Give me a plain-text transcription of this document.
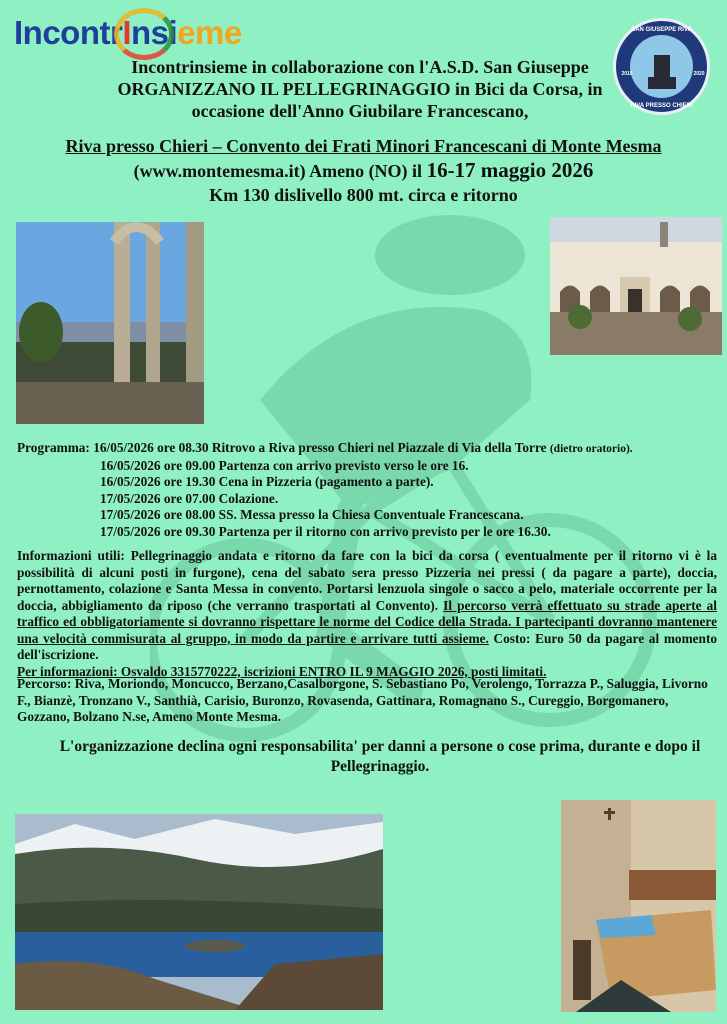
IncontrInsieme	SAN GIUSEPPE RIVA
2015	2020
RIVA PRESSO CHIERI
Incontrinsieme in collaborazione con l'A.S.D. San Giuseppe
ORGANIZZANO IL PELLEGRINAGGIO in Bici da Corsa, in
occasione dell'Anno Giubilare Francescano,
Riva presso Chieri – Convento dei Frati Minori Francescani di Monte Mesma
(www.montemesma.it) Ameno (NO) il 16-17 maggio 2026
Km 130 dislivello 800 mt. circa e ritorno
Programma: 16/05/2026 ore 08.30 Ritrovo a Riva presso Chieri nel Piazzale di Via della Torre (dietro oratorio).
16/05/2026 ore 09.00 Partenza con arrivo previsto verso le ore 16.
16/05/2026 ore 19.30 Cena in Pizzeria (pagamento a parte).
17/05/2026 ore 07.00 Colazione.
17/05/2026 ore 08.00 SS. Messa presso la Chiesa Conventuale Francescana.
17/05/2026 ore 09.30 Partenza per il ritorno con arrivo previsto per le ore 16.30.
Informazioni utili: Pellegrinaggio andata e ritorno da fare con la bici da corsa ( eventualmente per il ritorno vi è la possibilità di alcuni posti in furgone), cena del sabato sera presso Pizzeria nei pressi ( da pagare a parte), doccia, pernottamento, colazione e Santa Messa in convento. Portarsi lenzuola singole o sacco a pelo, materiale occorrente per la doccia, abbigliamento da riposo (che verranno trasportati al Convento). Il percorso verrà effettuato su strade aperte al traffico ed obbligatoriamente si dovranno rispettare le norme del Codice della Strada. I partecipanti dovranno mantenere una velocità commisurata al gruppo, in modo da partire e arrivare tutti assieme. Costo: Euro 50 da pagare al momento dell'iscrizione.
Per informazioni: Osvaldo 3315770222, iscrizioni ENTRO IL 9 MAGGIO 2026, posti limitati.
Percorso: Riva, Moriondo, Moncucco, Berzano,Casalborgone, S. Sebastiano Po, Verolengo, Torrazza P., Saluggia, Livorno F., Bianzè, Tronzano V., Santhià, Carisio, Buronzo, Rovasenda, Gattinara, Romagnano S., Cureggio, Borgomanero, Gozzano, Bolzano N.se, Ameno Monte Mesma.
L'organizzazione declina ogni responsabilita' per danni a persone o cose prima, durante e dopo il Pellegrinaggio.
